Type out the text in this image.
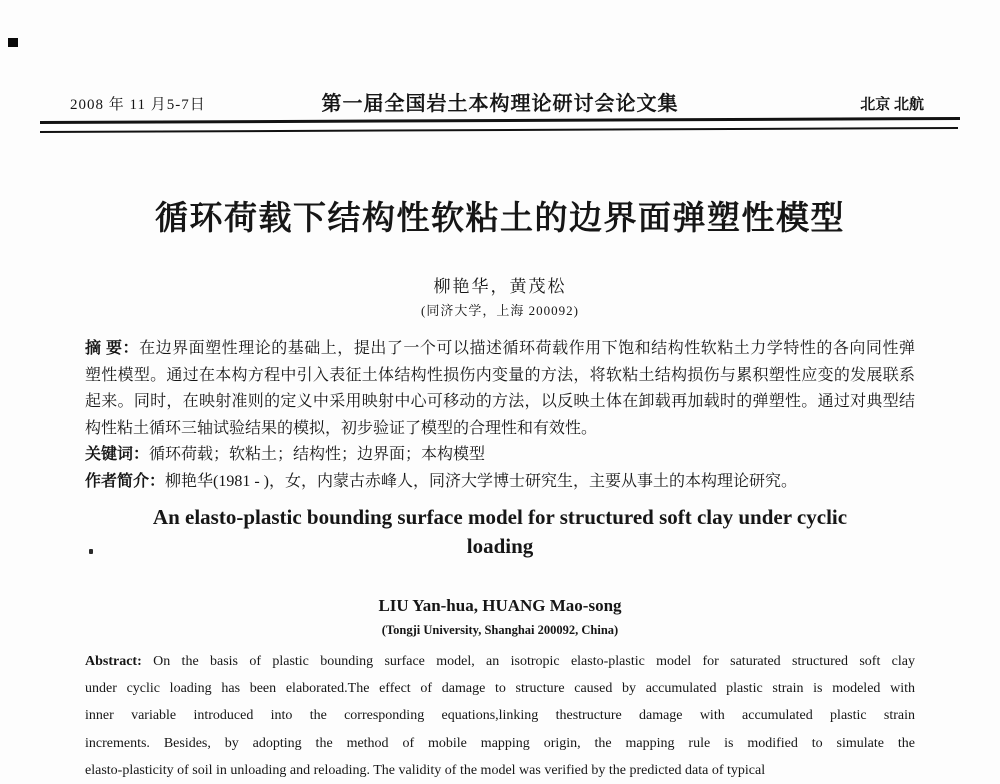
2008 年 11 月5-7日	第一届全国岩土本构理论研讨会论文集	北京 北航
循环荷载下结构性软粘土的边界面弹塑性模型
柳艳华，黄茂松
(同济大学，上海 200092)
摘 要：在边界面塑性理论的基础上，提出了一个可以描述循环荷载作用下饱和结构性软粘土力学特性的各向同性弹
塑性模型。通过在本构方程中引入表征土体结构性损伤内变量的方法，将软粘土结构损伤与累积塑性应变的发展联系
起来。同时，在映射准则的定义中采用映射中心可移动的方法，以反映土体在卸载再加载时的弹塑性。通过对典型结
构性粘土循环三轴试验结果的模拟，初步验证了模型的合理性和有效性。
关键词：循环荷载；软粘土；结构性；边界面；本构模型
作者简介：柳艳华(1981 - )，女，内蒙古赤峰人，同济大学博士研究生，主要从事土的本构理论研究。
An elasto-plastic bounding surface model for structured soft clay under cyclic
loading
LIU Yan-hua, HUANG Mao-song
(Tongji University, Shanghai 200092, China)
Abstract: On the basis of plastic bounding surface model, an isotropic elasto-plastic model for saturated structured soft clay
under cyclic loading has been elaborated.The effect of damage to structure caused by accumulated plastic strain is modeled with
inner variable introduced into the corresponding equations,linking thestructure damage with accumulated plastic strain
increments. Besides, by adopting the method of mobile mapping origin, the mapping rule is modified to simulate the
elasto-plasticity of soil in unloading and reloading. The validity of the model was verified by the predicted data of typical
